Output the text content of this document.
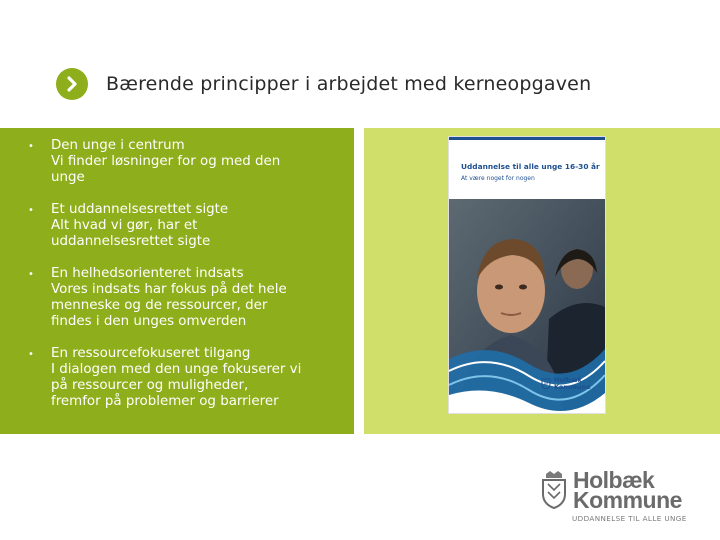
Bærende principper i arbejdet med kerneopgaven
• Den unge i centrum
Vi finder løsninger for og med den
unge
• Et uddannelsesrettet sigte
Alt hvad vi gør, har et
uddannelsesrettet sigte
• En helhedsorienteret indsats
Vores indsats har fokus på det hele
menneske og de ressourcer, der
findes i den unges omverden
• En ressourcefokuseret tilgang
I dialogen med den unge fokuserer vi
på ressourcer og muligheder,
fremfor på problemer og barrierer
Uddannelse til alle unge 16-30 år
At være noget for nogen
Holbæk
Kommune
Holbæk
Kommune
UDDANNELSE TIL ALLE UNGE
